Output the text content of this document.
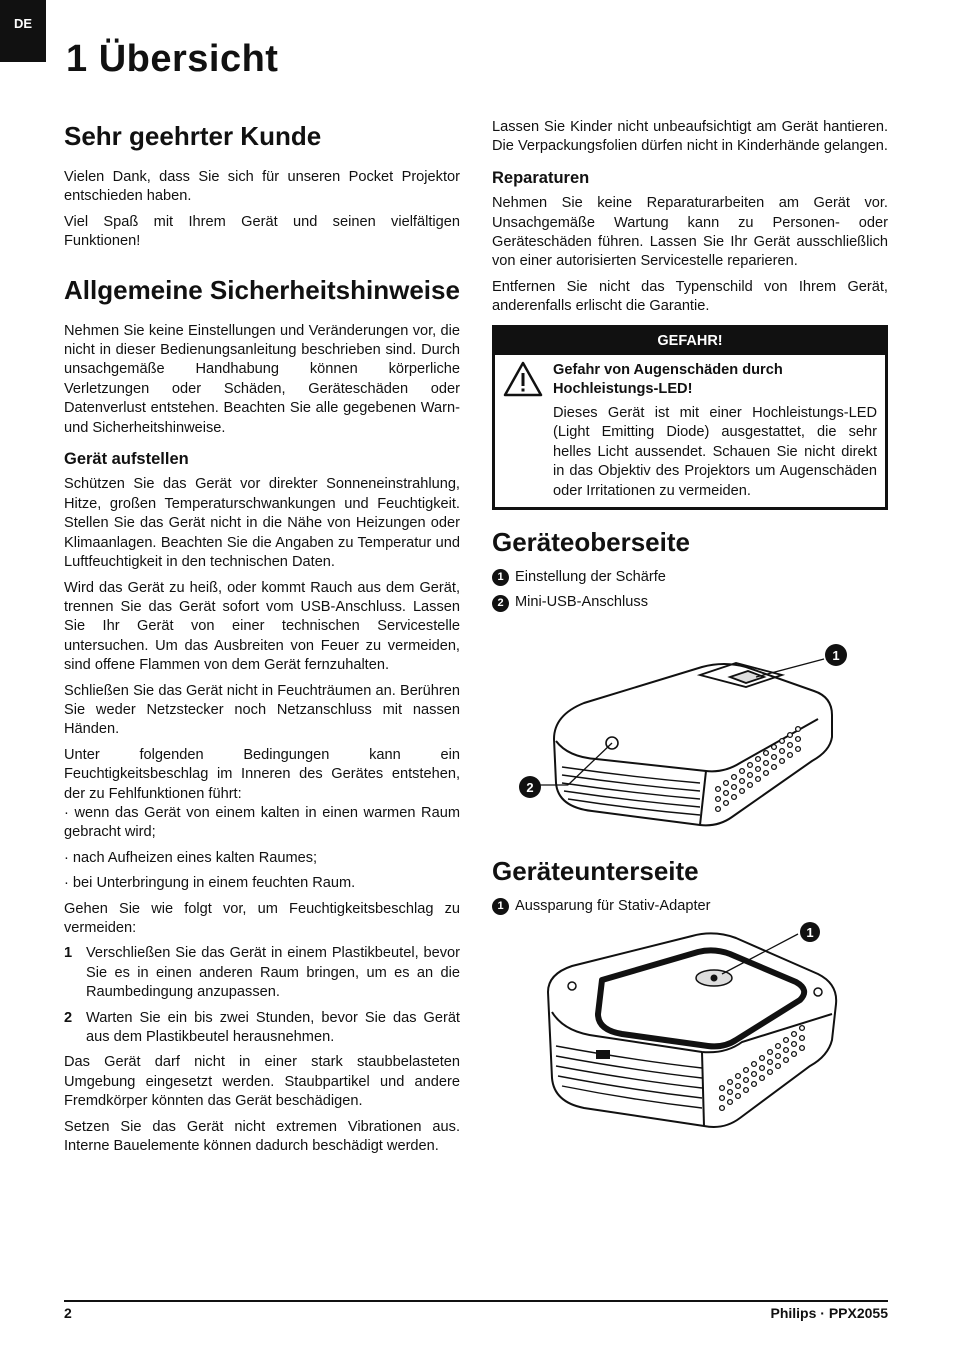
DE
1 Übersicht
Sehr geehrter Kunde

Vielen Dank, dass Sie sich für unseren Pocket Projektor entschieden haben.

Viel Spaß mit Ihrem Gerät und seinen vielfältigen Funktionen!

Allgemeine Sicherheitshinweise

Nehmen Sie keine Einstellungen und Veränderungen vor, die nicht in dieser Bedienungsanleitung beschrieben sind. Durch unsachgemäße Handhabung können körperliche Verletzungen oder Schäden, Geräteschäden oder Datenverlust entstehen. Beachten Sie alle gegebenen Warn- und Sicherheitshinweise.

Gerät aufstellen

Schützen Sie das Gerät vor direkter Sonneneinstrahlung, Hitze, großen Temperaturschwankungen und Feuchtigkeit. Stellen Sie das Gerät nicht in die Nähe von Heizungen oder Klimaanlagen. Beachten Sie die Angaben zu Temperatur und Luftfeuchtigkeit in den technischen Daten.

Wird das Gerät zu heiß, oder kommt Rauch aus dem Gerät, trennen Sie das Gerät sofort vom USB-Anschluss. Lassen Sie Ihr Gerät von einer technischen Servicestelle untersuchen. Um das Ausbreiten von Feuer zu vermeiden, sind offene Flammen von dem Gerät fernzuhalten.

Schließen Sie das Gerät nicht in Feuchträumen an. Berühren Sie weder Netzstecker noch Netzanschluss mit nassen Händen.

Unter folgenden Bedingungen kann ein Feuchtigkeitsbeschlag im Inneren des Gerätes entstehen, der zu Fehlfunktionen führt:

· wenn das Gerät von einem kalten in einen warmen Raum gebracht wird;

· nach Aufheizen eines kalten Raumes;

· bei Unterbringung in einem feuchten Raum.

Gehen Sie wie folgt vor, um Feuchtigkeitsbeschlag zu vermeiden:

1 Verschließen Sie das Gerät in einem Plastikbeutel, bevor Sie es in einen anderen Raum bringen, um es an die Raumbedingung anzupassen.
2 Warten Sie ein bis zwei Stunden, bevor Sie das Gerät aus dem Plastikbeutel herausnehmen.

Das Gerät darf nicht in einer stark staubbelasteten Umgebung eingesetzt werden. Staubpartikel und andere Fremdkörper könnten das Gerät beschädigen.

Setzen Sie das Gerät nicht extremen Vibrationen aus. Interne Bauelemente können dadurch beschädigt werden.

Lassen Sie Kinder nicht unbeaufsichtigt am Gerät hantieren. Die Verpackungsfolien dürfen nicht in Kinderhände gelangen.

Reparaturen

Nehmen Sie keine Reparaturarbeiten am Gerät vor. Unsachgemäße Wartung kann zu Personen- oder Geräteschäden führen. Lassen Sie Ihr Gerät ausschließlich von einer autorisierten Servicestelle reparieren.

Entfernen Sie nicht das Typenschild von Ihrem Gerät, anderenfalls erlischt die Garantie.

GEFAHR!

Gefahr von Augenschäden durch Hochleistungs-LED!

Dieses Gerät ist mit einer Hochleistungs-LED (Light Emitting Diode) ausgestattet, die sehr helles Licht aussendet. Schauen Sie nicht direkt in das Objektiv des Projektors um Augenschäden oder Irritationen zu vermeiden.

Geräteoberseite
1 Einstellung der Schärfe
2 Mini-USB-Anschluss
1
2
Geräteunterseite
1 Aussparung für Stativ-Adapter
1
2	Philips · PPX2055
